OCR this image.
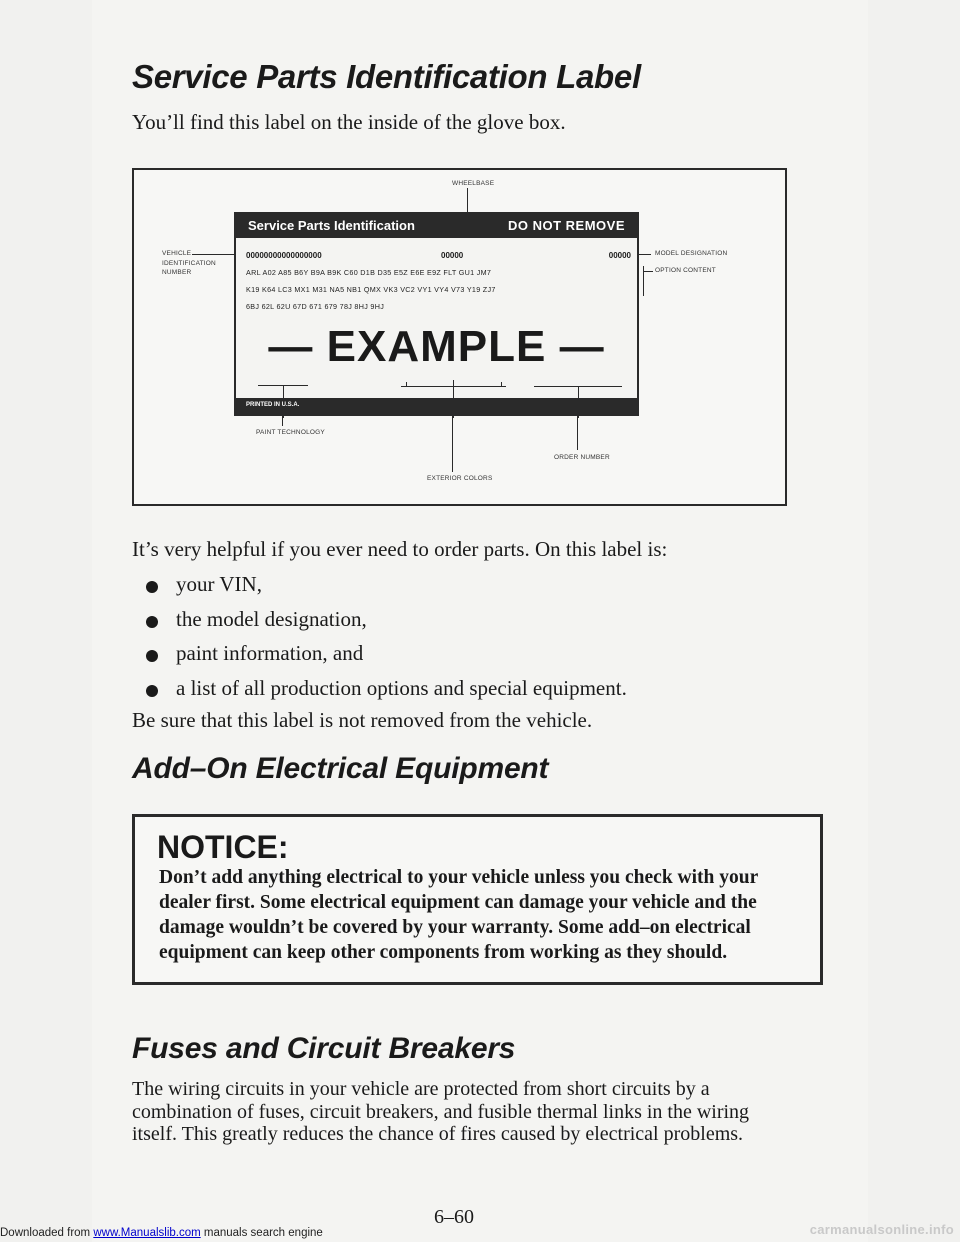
Service Parts Identification Label

You’ll find this label on the inside of the glove box.

WHEELBASE
VEHICLE
IDENTIFICATION
NUMBER
MODEL DESIGNATION
OPTION CONTENT
Service Parts Identification	DO NOT REMOVE
00000000000000000	00000	00000
ARL A02 A85 B6Y B9A B9K C60 D1B D35 E5Z E6E E9Z FLT GU1 JM7
K19 K64 LC3 MX1 M31 NA5 NB1 QMX VK3 VC2 VY1 VY4 V73 Y19 ZJ7
6BJ 62L 62U 67D 671 679 78J 8HJ 9HJ
— EXAMPLE —
PRINTED IN U.S.A.
PAINT TECHNOLOGY
EXTERIOR COLORS
ORDER NUMBER

It’s very helpful if you ever need to order parts. On this label is:

your VIN,
the model designation,
paint information, and
a list of all production options and special equipment.

Be sure that this label is not removed from the vehicle.

Add–On Electrical Equipment

NOTICE:

Don’t add anything electrical to your vehicle unless you check with your dealer first. Some electrical equipment can damage your vehicle and the damage wouldn’t be covered by your warranty. Some add–on electrical equipment can keep other components from working as they should.

Fuses and Circuit Breakers

The wiring circuits in your vehicle are protected from short circuits by a combination of fuses, circuit breakers, and fusible thermal links in the wiring itself. This greatly reduces the chance of fires caused by electrical problems.

6–60
Downloaded from www.Manualslib.com manuals search engine	carmanualsonline.info
